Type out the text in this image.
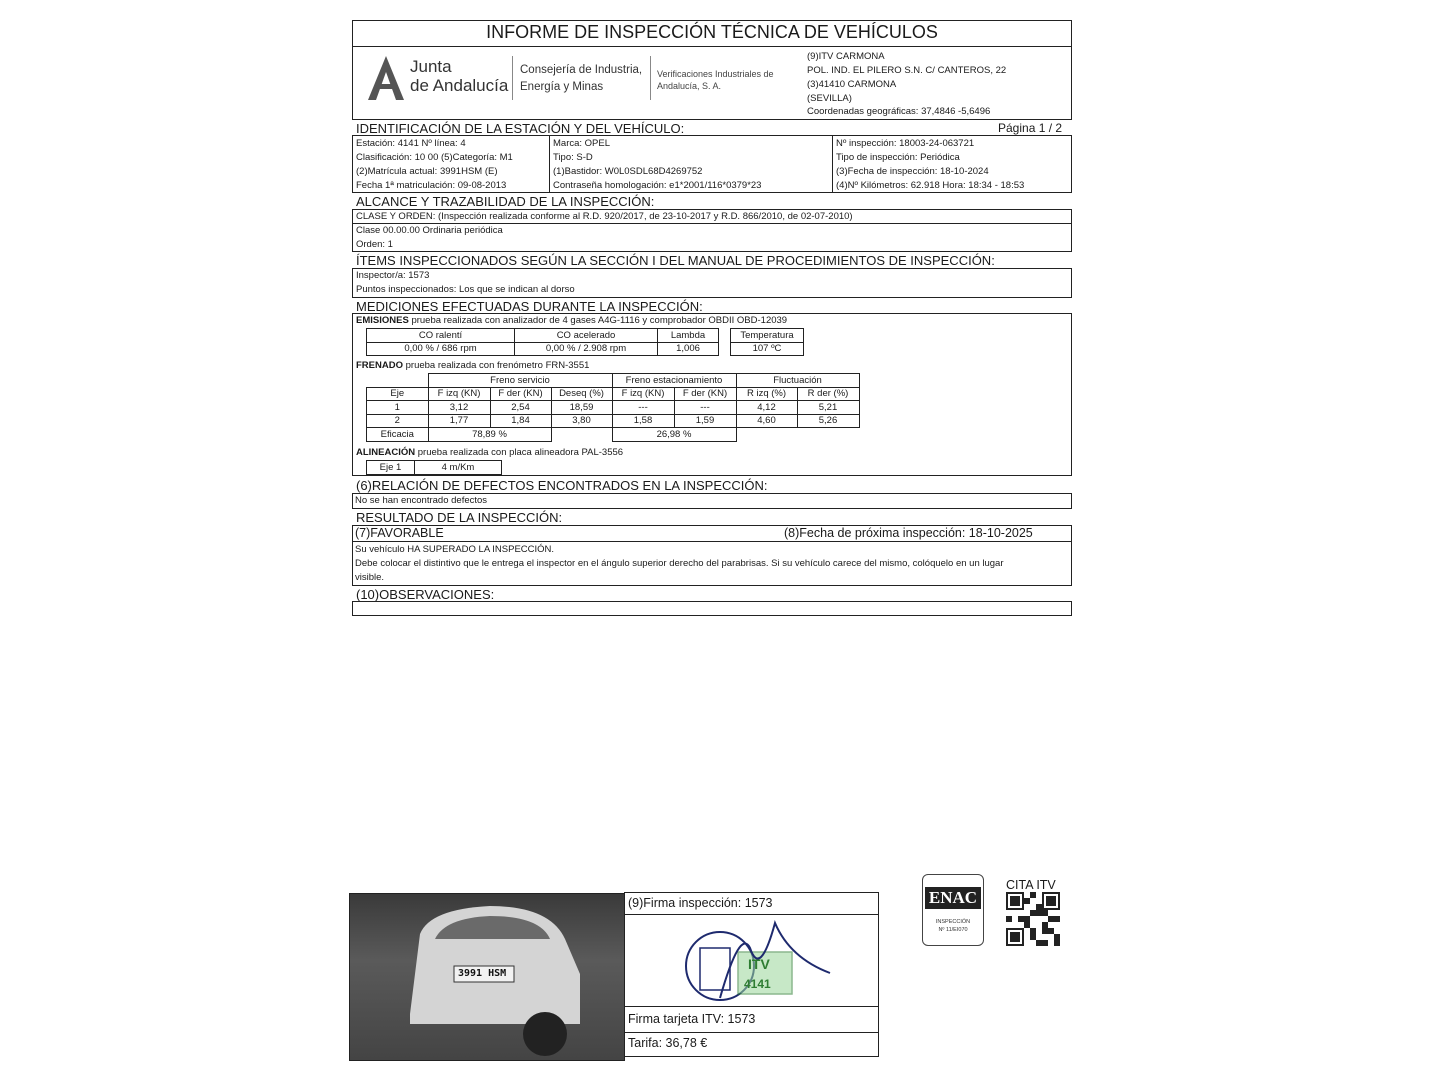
INFORME DE INSPECCIÓN TÉCNICA DE VEHÍCULOS
Junta
de Andalucía
Consejería de Industria,
Energía y Minas
Verificaciones Industriales de
Andalucía, S. A.
(9)ITV CARMONA
POL. IND. EL PILERO S.N. C/ CANTEROS, 22
(3)41410 CARMONA
(SEVILLA)
Coordenadas geográficas: 37,4846 -5,6496
IDENTIFICACIÓN DE LA ESTACIÓN Y DEL VEHÍCULO:	Página 1 / 2
Estación: 4141 Nº línea: 4
Clasificación: 10 00 (5)Categoría: M1
(2)Matrícula actual: 3991HSM (E)
Fecha 1ª matriculación: 09-08-2013
Marca: OPEL
Tipo: S-D
(1)Bastidor: W0L0SDL68D4269752
Contraseña homologación: e1*2001/116*0379*23
Nº inspección: 18003-24-063721
Tipo de inspección: Periódica
(3)Fecha de inspección: 18-10-2024
(4)Nº Kilómetros: 62.918 Hora: 18:34 - 18:53
ALCANCE Y TRAZABILIDAD DE LA INSPECCIÓN:
CLASE Y ORDEN: (Inspección realizada conforme al R.D. 920/2017, de 23-10-2017 y R.D. 866/2010, de 02-07-2010)
Clase 00.00.00 Ordinaria periódica
Orden: 1
ÍTEMS INSPECCIONADOS SEGÚN LA SECCIÓN I DEL MANUAL DE PROCEDIMIENTOS DE INSPECCIÓN:
Inspector/a: 1573
Puntos inspeccionados: Los que se indican al dorso
MEDICIONES EFECTUADAS DURANTE LA INSPECCIÓN:
EMISIONES prueba realizada con analizador de 4 gases A4G-1116 y comprobador OBDII OBD-12039
CO ralentí	CO acelerado	Lambda
0,00 % / 686 rpm	0,00 % / 2.908 rpm	1,006
Temperatura
107 ºC
FRENADO prueba realizada con frenómetro FRN-3551
	Freno servicio			Freno estacionamiento		Fluctuación	
Eje	F izq (KN)	F der (KN)	Deseq (%)	F izq (KN)	F der (KN)	R izq (%)	R der (%)
1	3,12	2,54	18,59	---	---	4,12	5,21
2	1,77	1,84	3,80	1,58	1,59	4,60	5,26
Eficacia	78,89 %			26,98 %			
ALINEACIÓN prueba realizada con placa alineadora PAL-3556
Eje 1	4 m/Km
(6)RELACIÓN DE DEFECTOS ENCONTRADOS EN LA INSPECCIÓN:
No se han encontrado defectos
RESULTADO DE LA INSPECCIÓN:
(7)FAVORABLE	(8)Fecha de próxima inspección: 18-10-2025
Su vehículo HA SUPERADO LA INSPECCIÓN.
Debe colocar el distintivo que le entrega el inspector en el ángulo superior derecho del parabrisas. Si su vehículo carece del mismo, colóquelo en un lugar
visible.
(10)OBSERVACIONES:
3991 HSM
(9)Firma inspección: 1573
ITV
4141
Firma tarjeta ITV: 1573
Tarifa: 36,78 €
ENAC
INSPECCIÓN
Nº 11/EI070
CITA ITV
